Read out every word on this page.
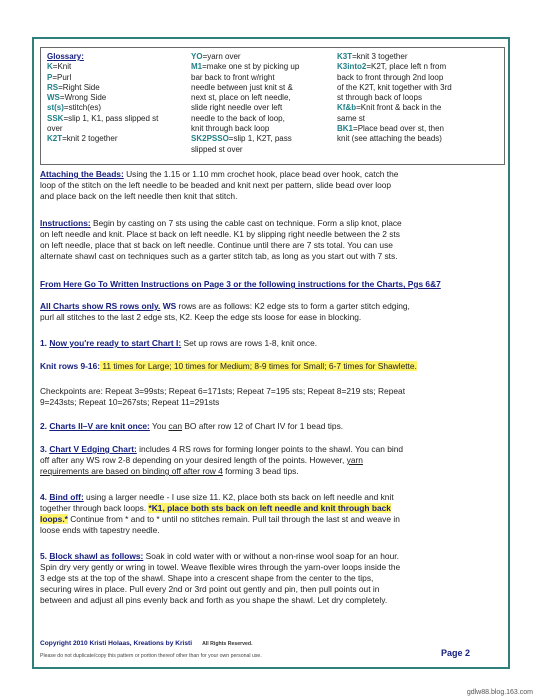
Glossary:
K=Knit
P=Purl
RS=Right Side
WS=Wrong Side
st(s)=stitch(es)
SSK=slip 1, K1, pass slipped st
over
K2T=knit 2 together
YO=yarn over
M1=make one st by picking up
bar back to front w/right
needle between just knit st &
next st, place on left needle,
slide right needle over left
needle to the back of loop,
knit through back loop
SK2PSSO=slip 1, K2T, pass
slipped st over
K3T=knit 3 together
K3into2=K2T, place left n from
back to front through 2nd loop
of the K2T, knit together with 3rd
st through back of loops
Kf&b=Knit front & back in the
same st
BK1=Place bead over st, then
knit (see attaching the beads)
Attaching the Beads: Using the 1.15 or 1.10 mm crochet hook, place bead over hook, catch the
loop of the stitch on the left needle to be beaded and knit next per pattern, slide bead over loop
and place back on the left needle then knit that stitch.
Instructions: Begin by casting on 7 sts using the cable cast on technique. Form a slip knot, place
on left needle and knit. Place st back on left needle. K1 by slipping right needle between the 2 sts
on left needle, place that st back on left needle. Continue until there are 7 sts total. You can use
alternate shawl cast on techniques such as a garter stitch tab, as long as you start out with 7 sts.
From Here Go To Written Instructions on Page 3 or the following instructions for the Charts, Pgs 6&7
All Charts show RS rows only. WS rows are as follows: K2 edge sts to form a garter stitch edging,
purl all stitches to the last 2 edge sts, K2. Keep the edge sts loose for ease in blocking.
1. Now you're ready to start Chart I: Set up rows are rows 1-8, knit once.
Knit rows 9-16: 11 times for Large; 10 times for Medium; 8-9 times for Small; 6-7 times for Shawlette.
Checkpoints are: Repeat 3=99sts; Repeat 6=171sts; Repeat 7=195 sts; Repeat 8=219 sts; Repeat
9=243sts; Repeat 10=267sts; Repeat 11=291sts
2. Charts II–V are knit once: You can BO after row 12 of Chart IV for 1 bead tips.
3. Chart V Edging Chart: includes 4 RS rows for forming longer points to the shawl. You can bind
off after any WS row 2-8 depending on your desired length of the points. However, yarn
requirements are based on binding off after row 4 forming 3 bead tips.
4. Bind off: using a larger needle - I use size 11. K2, place both sts back on left needle and knit
together through back loops. *K1, place both sts back on left needle and knit through back
loops.* Continue from * and to * until no stitches remain. Pull tail through the last st and weave in
loose ends with tapestry needle.
5. Block shawl as follows: Soak in cold water with or without a non-rinse wool soap for an hour.
Spin dry very gently or wring in towel. Weave flexible wires through the yarn-over loops inside the
3 edge sts at the top of the shawl. Shape into a crescent shape from the center to the tips,
securing wires in place. Pull every 2nd or 3rd point out gently and pin, then pull points out in
between and adjust all pins evenly back and forth as you shape the shawl. Let dry completely.
Copyright 2010 Kristi Holaas, Kreations by Kristi All Rights Reserved.
Please do not duplicate/copy this pattern or portion thereof other than for your own personal use.	Page 2
gdlw88.blog.163.com
